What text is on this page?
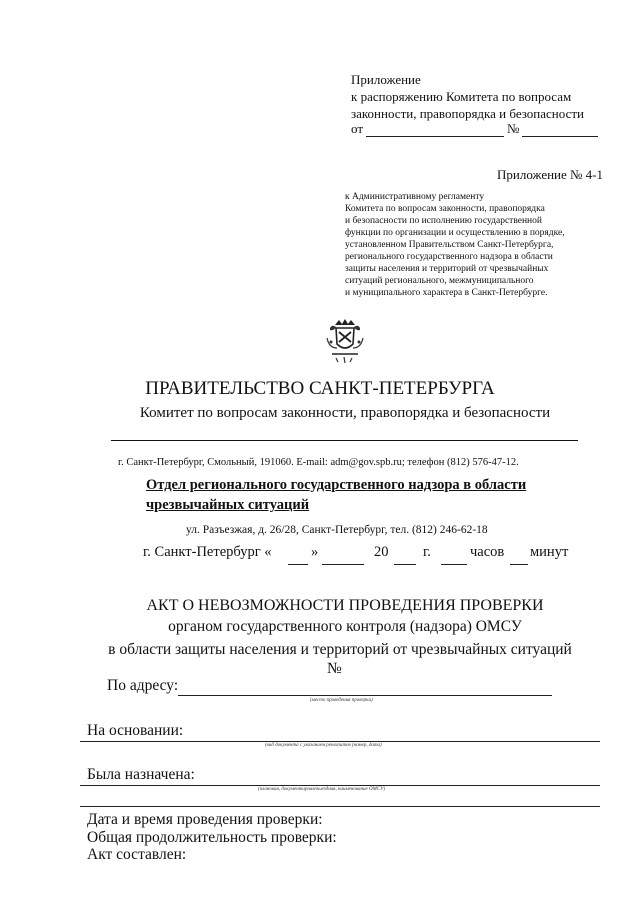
Приложение
к распоряжению Комитета по вопросам
законности, правопорядка и безопасности
от	№
Приложение № 4-1
к Административному регламенту
Комитета по вопросам законности, правопорядка
и безопасности по исполнению государственной
функции по организации и осуществлению в порядке,
установленном Правительством Санкт-Петербурга,
регионального государственного надзора в области
защиты населения и территорий от чрезвычайных
ситуаций регионального, межмуниципального
и муниципального характера в Санкт-Петербурге.
ПРАВИТЕЛЬСТВО САНКТ-ПЕТЕРБУРГА
Комитет по вопросам законности, правопорядка и безопасности
г. Санкт-Петербург, Смольный, 191060. E-mail: adm@gov.spb.ru; телефон (812) 576-47-12.
Отдел регионального государственного надзора в области
чрезвычайных ситуаций
ул. Разъезжая, д. 26/28, Санкт-Петербург, тел. (812) 246-62-18
г. Санкт-Петербург «	»	20 г.	часов минут
АКТ О НЕВОЗМОЖНОСТИ ПРОВЕДЕНИЯ ПРОВЕРКИ
органом государственного контроля (надзора) ОМСУ
в области защиты населения и территорий от чрезвычайных ситуаций
№
По адресу:
(место проведения проверки)
На основании:
(вид документа с указанием реквизитов (номер, дата)
Была назначена:
(плановая, документарная/выездная, наименование ОМСУ)
Дата и время проведения проверки:
Общая продолжительность проверки:
Акт составлен:
